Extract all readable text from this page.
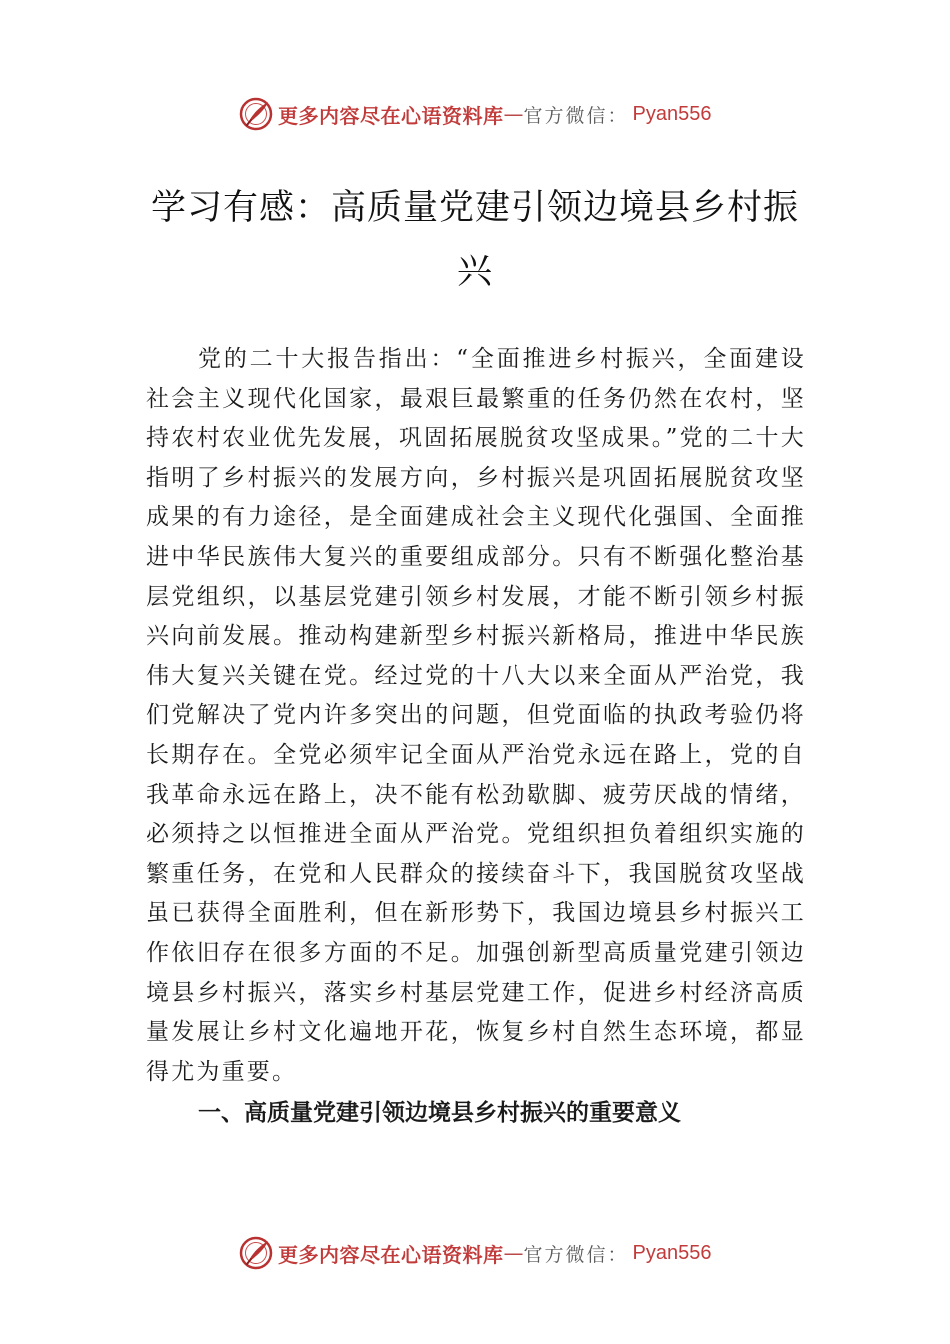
更多内容尽在心语资料库 — 官方微信： Pyan556
学习有感：高质量党建引领边境县乡村振兴

党的二十大报告指出：“全面推进乡村振兴，全面建设社会主义现代化国家，最艰巨最繁重的任务仍然在农村，坚持农村农业优先发展，巩固拓展脱贫攻坚成果。”党的二十大指明了乡村振兴的发展方向，乡村振兴是巩固拓展脱贫攻坚成果的有力途径，是全面建成社会主义现代化强国、全面推进中华民族伟大复兴的重要组成部分。只有不断强化整治基层党组织，以基层党建引领乡村发展，才能不断引领乡村振兴向前发展。推动构建新型乡村振兴新格局，推进中华民族伟大复兴关键在党。经过党的十八大以来全面从严治党，我们党解决了党内许多突出的问题，但党面临的执政考验仍将长期存在。全党必须牢记全面从严治党永远在路上，党的自我革命永远在路上，决不能有松劲歇脚、疲劳厌战的情绪，必须持之以恒推进全面从严治党。党组织担负着组织实施的繁重任务，在党和人民群众的接续奋斗下，我国脱贫攻坚战虽已获得全面胜利，但在新形势下，我国边境县乡村振兴工作依旧存在很多方面的不足。加强创新型高质量党建引领边境县乡村振兴，落实乡村基层党建工作，促进乡村经济高质量发展让乡村文化遍地开花，恢复乡村自然生态环境，都显得尤为重要。

一、高质量党建引领边境县乡村振兴的重要意义
更多内容尽在心语资料库 — 官方微信： Pyan556
